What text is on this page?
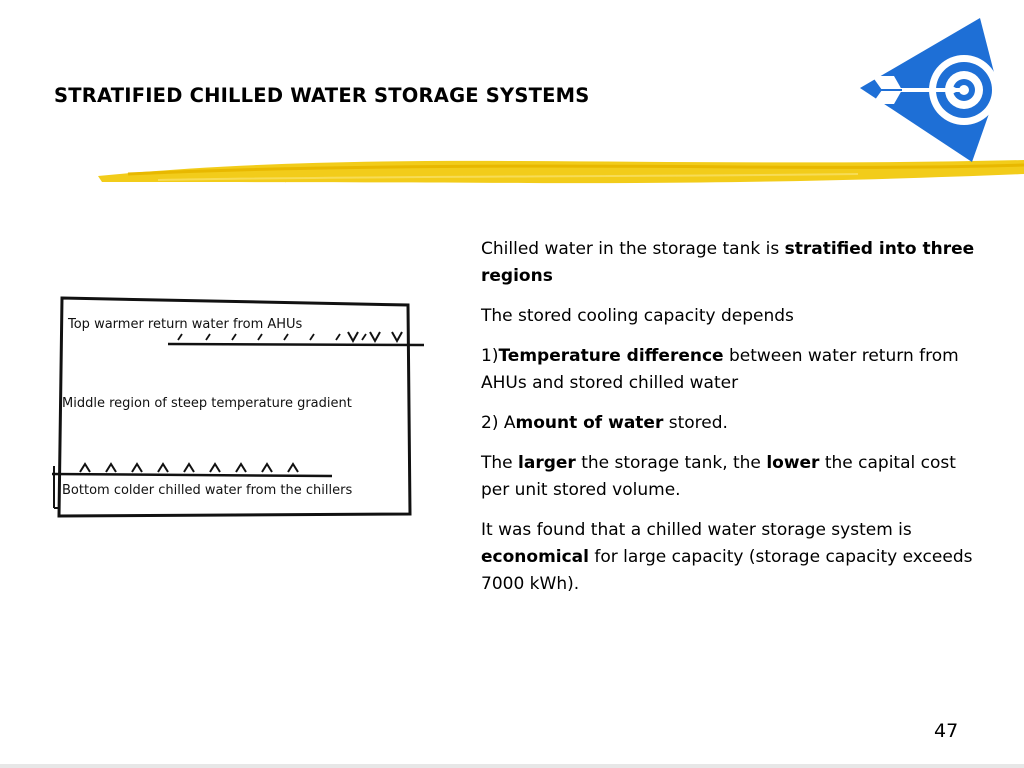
STRATIFIED CHILLED WATER STORAGE SYSTEMS
Top warmer return water from AHUs
Middle region of steep temperature gradient
Bottom colder chilled water from the chillers

Chilled water in the storage tank is stratified into three regions

The stored cooling capacity depends

1)Temperature difference between water return from AHUs and stored chilled water

2) Amount of water stored.

The larger the storage tank, the lower the capital cost per unit stored volume.

It was found that a chilled water storage system is economical for large capacity (storage capacity exceeds 7000 kWh).

47
